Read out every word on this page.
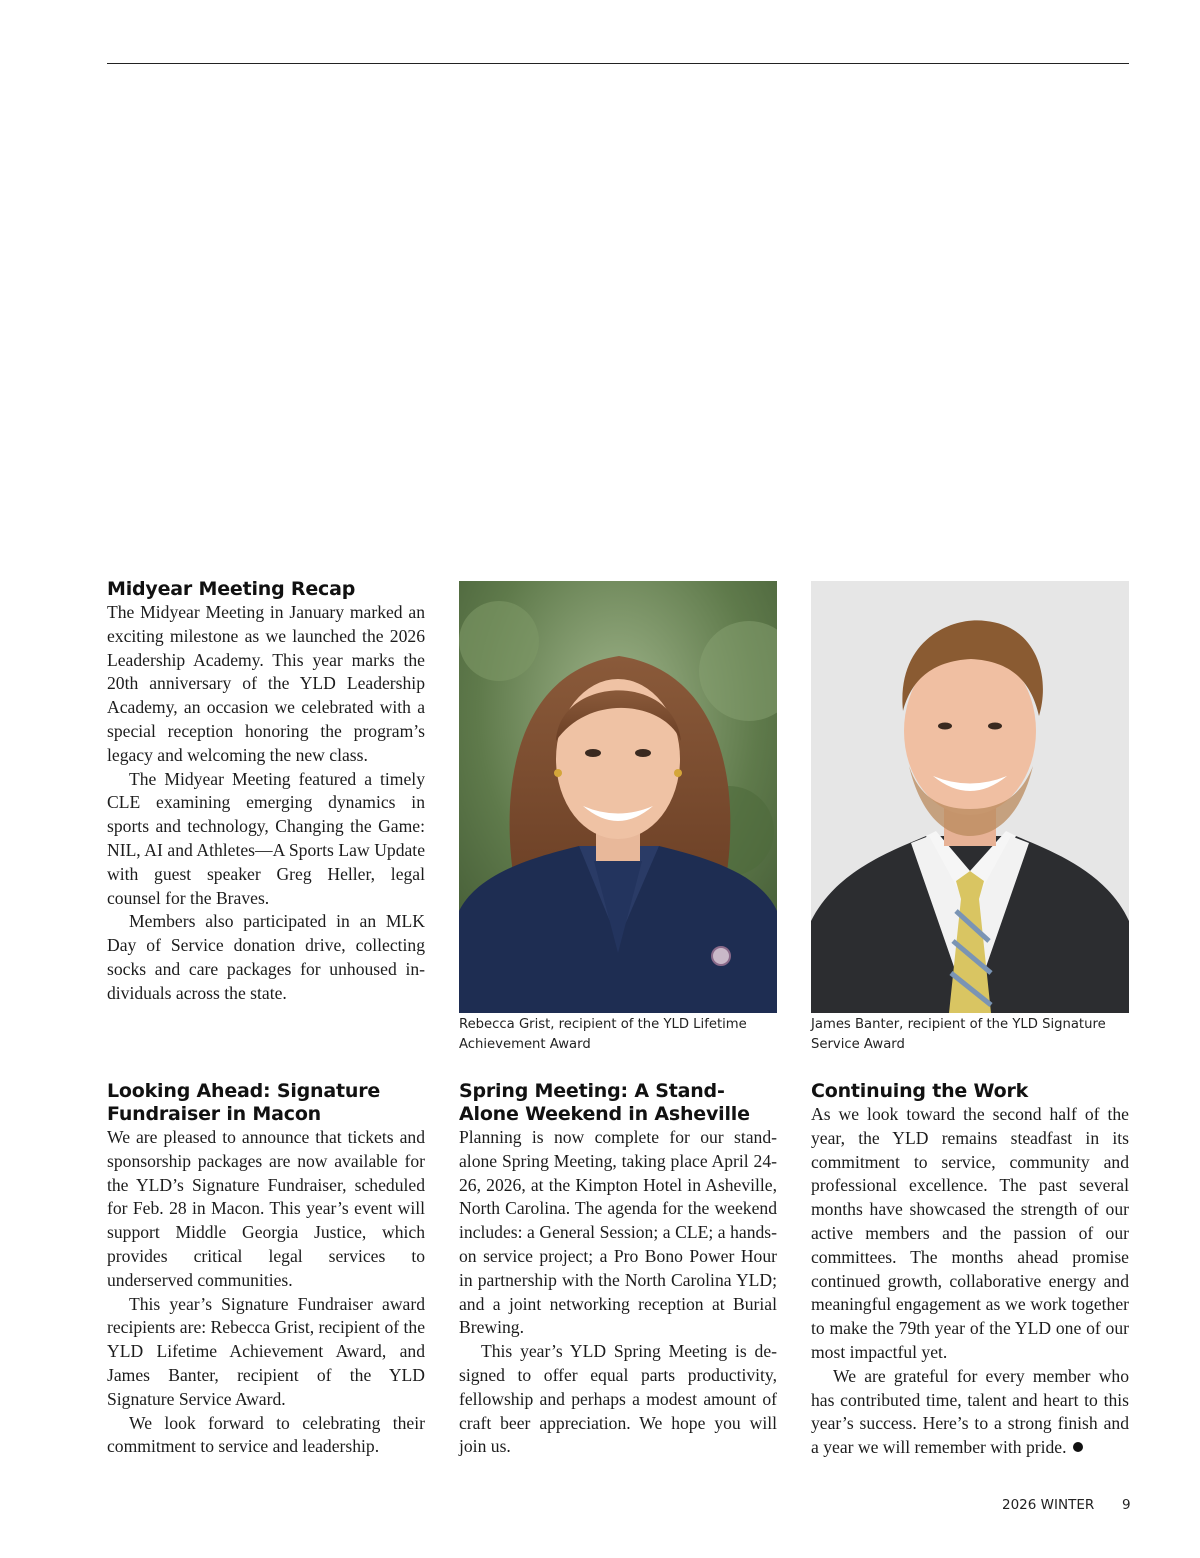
Midyear Meeting Recap

The Midyear Meeting in January marked an exciting milestone as we launched the 2026 Leadership Academy. This year marks the 20th anniversary of the YLD Leadership Academy, an occasion we celebrated with a special reception honoring the program’s legacy and welcoming the new class.

The Midyear Meeting featured a timely CLE examining emerging dynamics in sports and technology, Changing the Game: NIL, AI and Athletes—A Sports Law Update with guest speaker Greg Heller, legal counsel for the Braves.

Members also participated in an MLK Day of Service donation drive, collecting socks and care packages for unhoused individuals across the state.

Rebecca Grist, recipient of the YLD Lifetime Achievement Award
James Banter, recipient of the YLD Signature Service Award
Looking Ahead: Signature Fundraiser in Macon

We are pleased to announce that tickets and sponsorship packages are now available for the YLD’s Signature Fundraiser, scheduled for Feb. 28 in Macon. This year’s event will support Middle Georgia Justice, which provides critical legal services to underserved communities.

This year’s Signature Fundraiser award recipients are: Rebecca Grist, recipient of the YLD Lifetime Achievement Award, and James Banter, recipient of the YLD Signature Service Award.

We look forward to celebrating their commitment to service and leadership.

Spring Meeting: A Stand-Alone Weekend in Asheville

Planning is now complete for our stand-alone Spring Meeting, taking place April 24-26, 2026, at the Kimpton Hotel in Asheville, North Carolina. The agenda for the weekend includes: a General Session; a CLE; a hands-on service project; a Pro Bono Power Hour in partnership with the North Carolina YLD; and a joint networking reception at Burial Brewing.

This year’s YLD Spring Meeting is designed to offer equal parts productivity, fellowship and perhaps a modest amount of craft beer appreciation. We hope you will join us.

Continuing the Work

As we look toward the second half of the year, the YLD remains steadfast in its commitment to service, community and professional excellence. The past several months have showcased the strength of our active members and the passion of our committees. The months ahead promise continued growth, collaborative energy and meaningful engagement as we work together to make the 79th year of the YLD one of our most impactful yet.

We are grateful for every member who has contributed time, talent and heart to this year’s success. Here’s to a strong finish and a year we will remember with pride.

2026 WINTER 9
